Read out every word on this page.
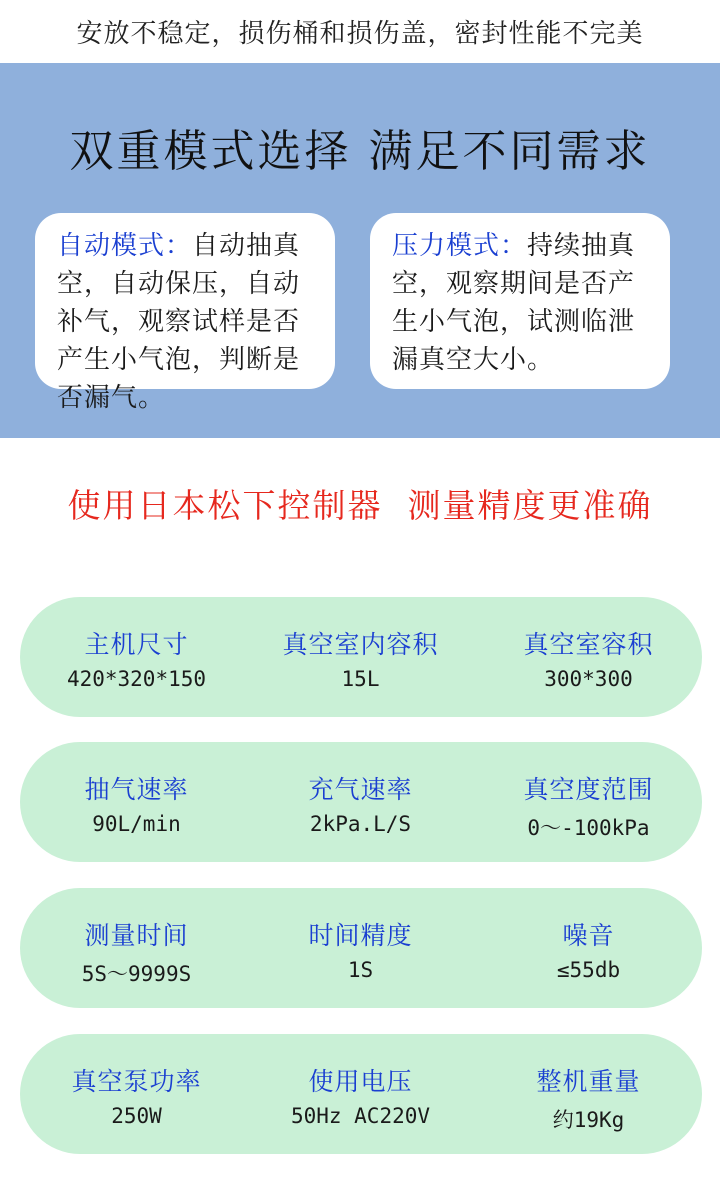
安放不稳定，损伤桶和损伤盖，密封性能不完美
双重模式选择 满足不同需求
自动模式：自动抽真空，自动保压，自动补气，观察试样是否产生小气泡，判断是否漏气。
压力模式：持续抽真空，观察期间是否产生小气泡，试测临泄漏真空大小。
使用日本松下控制器  测量精度更准确
主机尺寸
420*320*150
真空室内容积
15L
真空室容积
300*300
抽气速率
90L/min
充气速率
2kPa.L/S
真空度范围
0～-100kPa
测量时间
5S～9999S
时间精度
1S
噪音
≤55db
真空泵功率
250W
使用电压
50Hz AC220V
整机重量
约19Kg
